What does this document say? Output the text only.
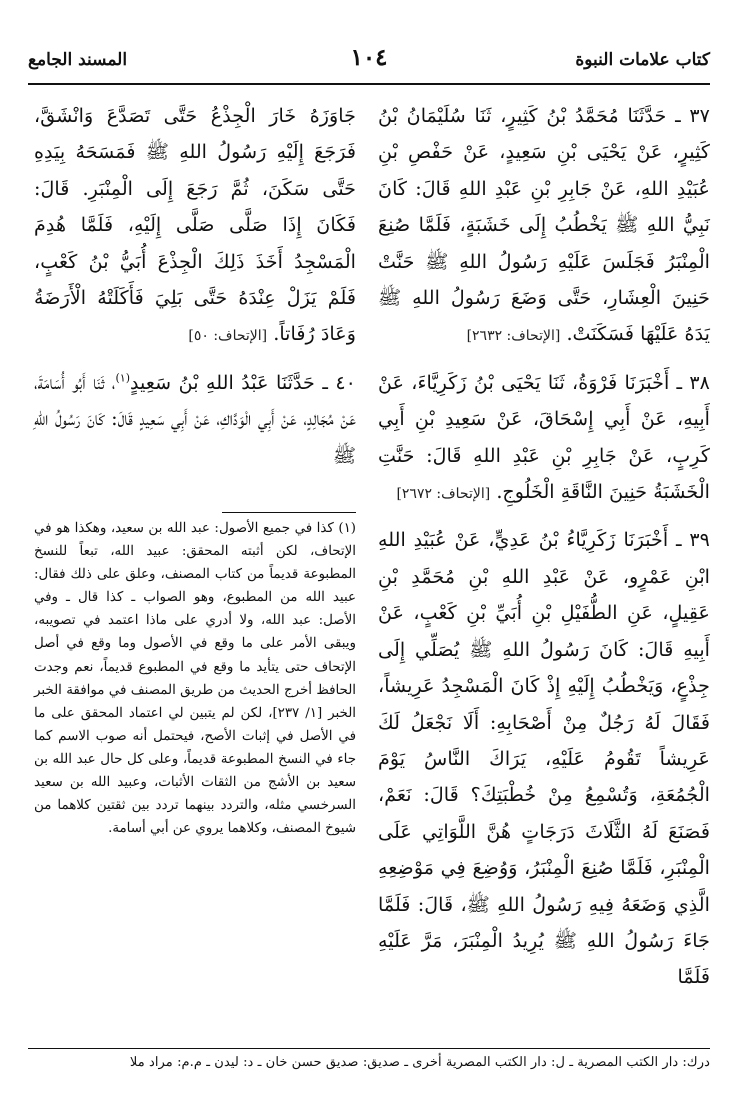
كتاب علامات النبوة
١٠٤
المسند الجامع

٣٧ ـ حَدَّثَنَا مُحَمَّدُ بْنُ كَثِيرٍ، ثَنَا سُلَيْمَانُ بْنُ كَثِيرٍ، عَنْ يَحْيَى بْنِ سَعِيدٍ، عَنْ حَفْصِ بْنِ عُبَيْدِ اللهِ، عَنْ جَابِرِ بْنِ عَبْدِ اللهِ قَالَ: كَانَ نَبِيُّ اللهِ ﷺ يَخْطُبُ إِلَى خَشَبَةٍ، فَلَمَّا صُنِعَ الْمِنْبَرُ فَجَلَسَ عَلَيْهِ رَسُولُ اللهِ ﷺ حَنَّتْ حَنِينَ الْعِشَارِ، حَتَّى وَضَعَ رَسُولُ اللهِ ﷺ يَدَهُ عَلَيْهَا فَسَكَنَتْ. [الإتحاف: ٢٦٣٢]

٣٨ ـ أَخْبَرَنَا فَرْوَةُ، ثَنَا يَحْيَى بْنُ زَكَرِيَّاءَ، عَنْ أَبِيهِ، عَنْ أَبِي إِسْحَاقَ، عَنْ سَعِيدِ بْنِ أَبِي كَرِبٍ، عَنْ جَابِرِ بْنِ عَبْدِ اللهِ قَالَ: حَنَّتِ الْخَشَبَةُ حَنِينَ النَّاقَةِ الْخَلُوجِ. [الإتحاف: ٢٦٧٢]

٣٩ ـ أَخْبَرَنَا زَكَرِيَّاءُ بْنُ عَدِيٍّ، عَنْ عُبَيْدِ اللهِ ابْنِ عَمْرٍو، عَنْ عَبْدِ اللهِ بْنِ مُحَمَّدِ بْنِ عَقِيلٍ، عَنِ الطُّفَيْلِ بْنِ أُبَيِّ بْنِ كَعْبٍ، عَنْ أَبِيهِ قَالَ: كَانَ رَسُولُ اللهِ ﷺ يُصَلِّي إِلَى جِذْعٍ، وَيَخْطُبُ إِلَيْهِ إِذْ كَانَ الْمَسْجِدُ عَرِيشاً، فَقَالَ لَهُ رَجُلٌ مِنْ أَصْحَابِهِ: أَلَا نَجْعَلُ لَكَ عَرِيشاً تَقُومُ عَلَيْهِ، يَرَاكَ النَّاسُ يَوْمَ الْجُمُعَةِ، وَتُسْمِعُ مِنْ خُطْبَتِكَ؟ قَالَ: نَعَمْ، فَصَنَعَ لَهُ الثَّلَاثَ دَرَجَاتٍ هُنَّ اللَّوَاتِي عَلَى الْمِنْبَرِ، فَلَمَّا صُنِعَ الْمِنْبَرُ، وَوُضِعَ فِي مَوْضِعِهِ الَّذِي وَضَعَهُ فِيهِ رَسُولُ اللهِ ﷺ، قَالَ: فَلَمَّا جَاءَ رَسُولُ اللهِ ﷺ يُرِيدُ الْمِنْبَرَ، مَرَّ عَلَيْهِ فَلَمَّا

جَاوَزَهُ خَارَ الْجِذْعُ حَتَّى تَصَدَّعَ وَانْشَقَّ، فَرَجَعَ إِلَيْهِ رَسُولُ اللهِ ﷺ فَمَسَحَهُ بِيَدِهِ حَتَّى سَكَنَ، ثُمَّ رَجَعَ إِلَى الْمِنْبَرِ. قَالَ: فَكَانَ إِذَا صَلَّى صَلَّى إِلَيْهِ، فَلَمَّا هُدِمَ الْمَسْجِدُ أَخَذَ ذَلِكَ الْجِذْعَ أُبَيُّ بْنُ كَعْبٍ، فَلَمْ يَزَلْ عِنْدَهُ حَتَّى بَلِيَ فَأَكَلَتْهُ الْأَرَضَةُ وَعَادَ رُفَاتاً. [الإتحاف: ٥٠]

٤٠ ـ حَدَّثَنَا عَبْدُ اللهِ بْنُ سَعِيدٍ$^{(١)}$، ثَنَا أَبُو أُسَامَةَ، عَنْ مُجَالِدٍ، عَنْ أَبِي الْوَدَّاكِ، عَنْ أَبِي سَعِيدٍ قَالَ: كَانَ رَسُولُ اللهِ ﷺ

(١) كذا في جميع الأصول: عبد الله بن سعيد، وهكذا هو في الإتحاف، لكن أثبته المحقق: عبيد الله، تبعاً للنسخ المطبوعة قديماً من كتاب المصنف، وعلق على ذلك فقال: عبيد الله من المطبوع، وهو الصواب ـ كذا قال ـ وفي الأصل: عبد الله، ولا أدري على ماذا اعتمد في تصويبه، ويبقى الأمر على ما وقع في الأصول وما وقع في أصل الإتحاف حتى يتأيد ما وقع في المطبوع قديماً، نعم وجدت الحافظ أخرج الحديث من طريق المصنف في موافقة الخبر الخبر [١/ ٢٣٧]، لكن لم يتبين لي اعتماد المحقق على ما في الأصل في إثبات الأصح، فيحتمل أنه صوب الاسم كما جاء في النسخ المطبوعة قديماً، وعلى كل حال عبد الله بن سعيد بن الأشج من الثقات الأثبات، وعبيد الله بن سعيد السرخسي مثله، والتردد بينهما تردد بين ثقتين كلاهما من شيوخ المصنف، وكلاهما يروي عن أبي أسامة.

درك: دار الكتب المصرية ـ ل: دار الكتب المصرية أخرى ـ صديق: صديق حسن خان ـ د: ليدن ـ م.م: مراد ملا
